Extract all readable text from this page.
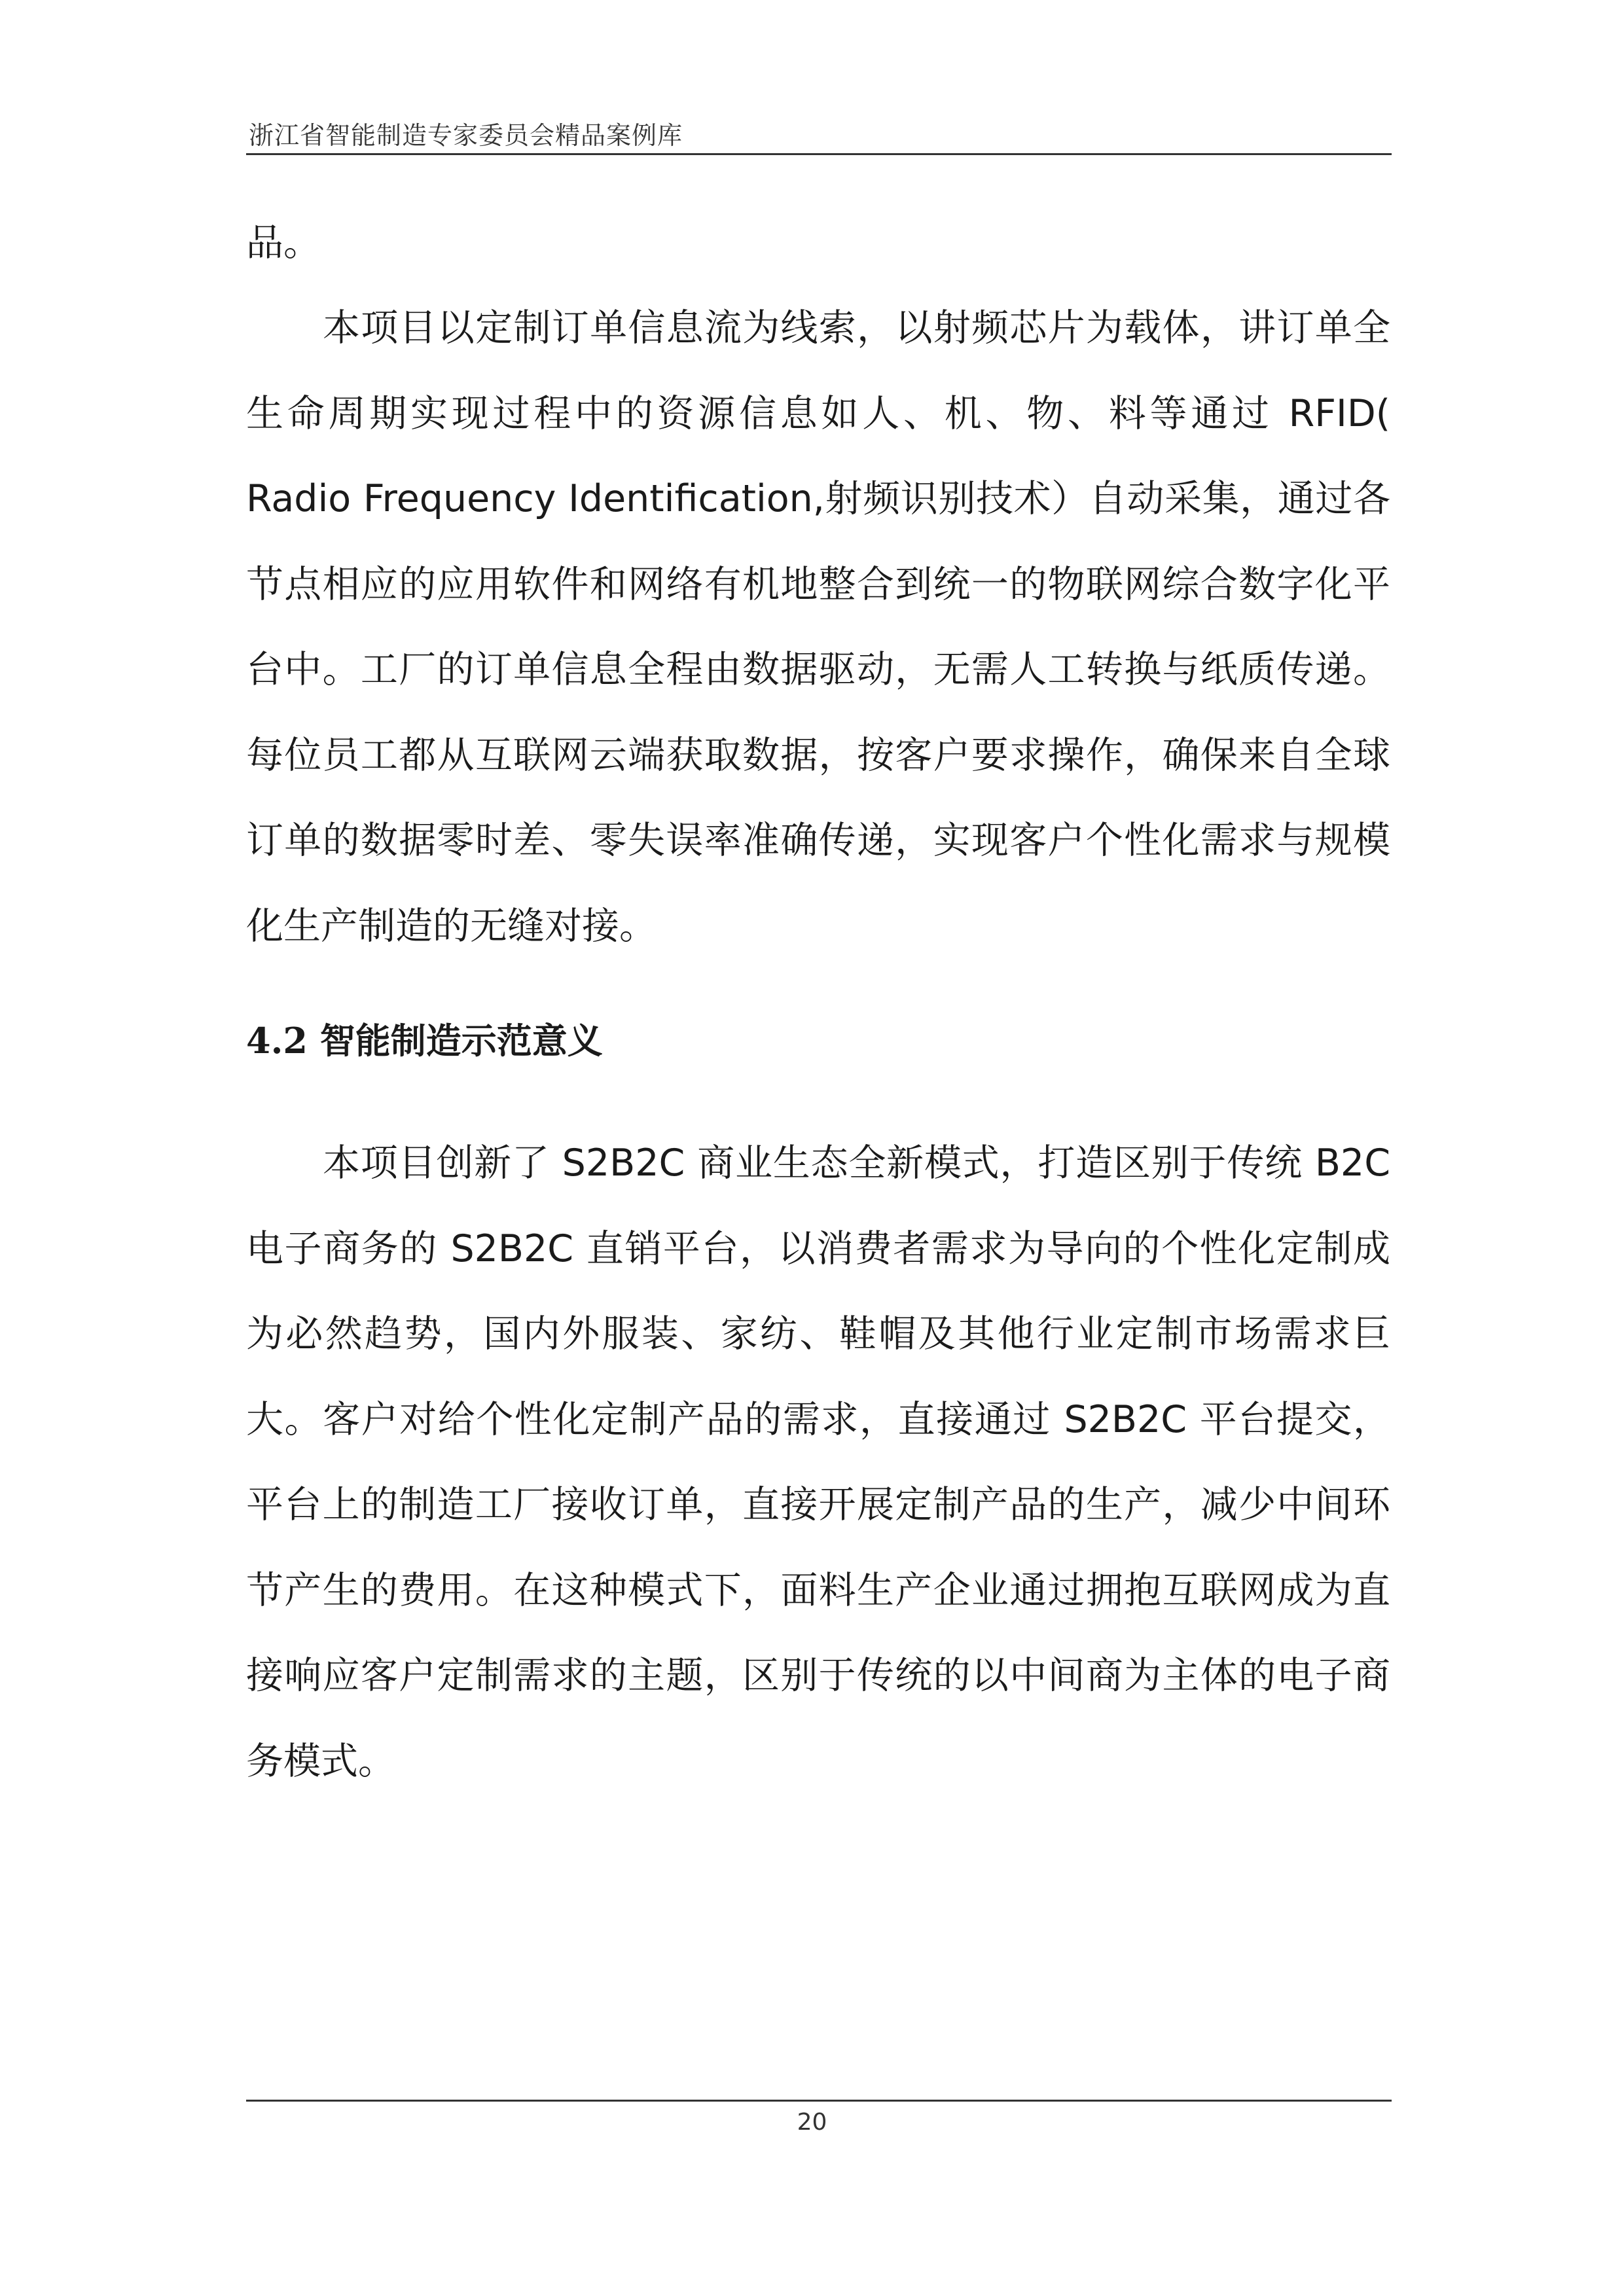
浙江省智能制造专家委员会精品案例库

品。

本项目以定制订单信息流为线索，以射频芯片为载体，讲订单全生命周期实现过程中的资源信息如人、机、物、料等通过 RFID( Radio Frequency Identification,射频识别技术）自动采集，通过各节点相应的应用软件和网络有机地整合到统一的物联网综合数字化平台中。工厂的订单信息全程由数据驱动，无需人工转换与纸质传递。每位员工都从互联网云端获取数据，按客户要求操作，确保来自全球订单的数据零时差、零失误率准确传递，实现客户个性化需求与规模化生产制造的无缝对接。

4.2 智能制造示范意义

本项目创新了 S2B2C 商业生态全新模式，打造区别于传统 B2C 电子商务的 S2B2C 直销平台，以消费者需求为导向的个性化定制成为必然趋势，国内外服装、家纺、鞋帽及其他行业定制市场需求巨大。客户对给个性化定制产品的需求，直接通过 S2B2C 平台提交，平台上的制造工厂接收订单，直接开展定制产品的生产，减少中间环节产生的费用。在这种模式下，面料生产企业通过拥抱互联网成为直接响应客户定制需求的主题，区别于传统的以中间商为主体的电子商务模式。

20
